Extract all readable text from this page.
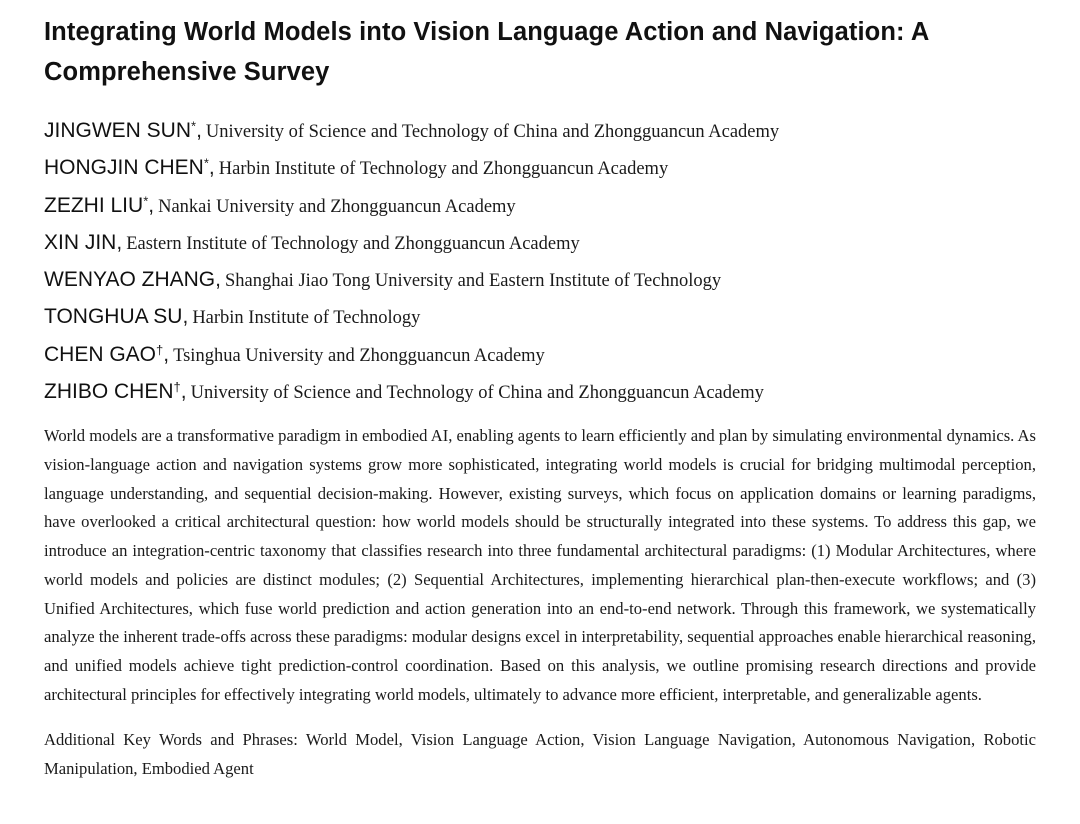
Integrating World Models into Vision Language Action and Navigation: A Comprehensive Survey
JINGWEN SUN*, University of Science and Technology of China and Zhongguancun Academy
HONGJIN CHEN*, Harbin Institute of Technology and Zhongguancun Academy
ZEZHI LIU*, Nankai University and Zhongguancun Academy
XIN JIN, Eastern Institute of Technology and Zhongguancun Academy
WENYAO ZHANG, Shanghai Jiao Tong University and Eastern Institute of Technology
TONGHUA SU, Harbin Institute of Technology
CHEN GAO†, Tsinghua University and Zhongguancun Academy
ZHIBO CHEN†, University of Science and Technology of China and Zhongguancun Academy

World models are a transformative paradigm in embodied AI, enabling agents to learn efficiently and plan by simulating environmental dynamics. As vision-language action and navigation systems grow more sophisticated, integrating world models is crucial for bridging multimodal perception, language understanding, and sequential decision-making. However, existing surveys, which focus on application domains or learning paradigms, have overlooked a critical architectural question: how world models should be structurally integrated into these systems. To address this gap, we introduce an integration-centric taxonomy that classifies research into three fundamental architectural paradigms: (1) Modular Architectures, where world models and policies are distinct modules; (2) Sequential Architectures, implementing hierarchical plan-then-execute workflows; and (3) Unified Architectures, which fuse world prediction and action generation into an end-to-end network. Through this framework, we systematically analyze the inherent trade-offs across these paradigms: modular designs excel in interpretability, sequential approaches enable hierarchical reasoning, and unified models achieve tight prediction-control coordination. Based on this analysis, we outline promising research directions and provide architectural principles for effectively integrating world models, ultimately to advance more efficient, interpretable, and generalizable agents.

Additional Key Words and Phrases: World Model, Vision Language Action, Vision Language Navigation, Autonomous Navigation, Robotic Manipulation, Embodied Agent
